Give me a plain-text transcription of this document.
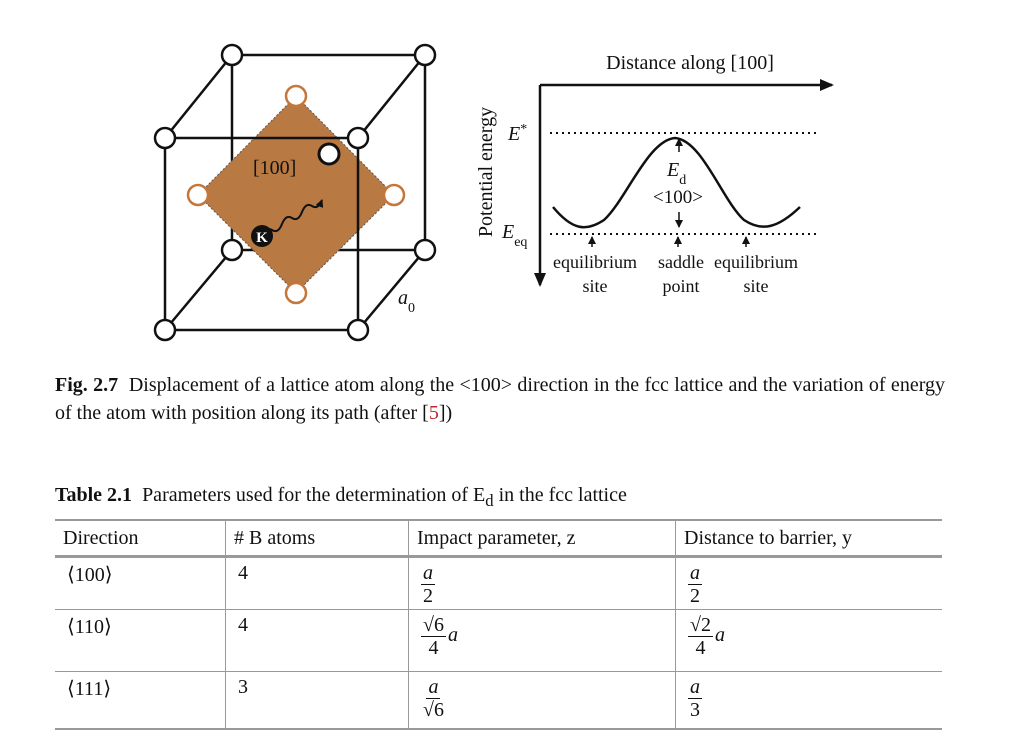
K
[100]
$a_0$
Distance along [100]
Potential energy E*
$E_{eq}$
$E_d$
<100>
equilibrium
site
saddle
point
equilibrium
site
Fig. 2.7 Displacement of a lattice atom along the <100> direction in the fcc lattice and the variation of energy of the atom with position along its path (after [5])
Table 2.1 Parameters used for the determination of $E_d$ in the fcc lattice
Direction	# B atoms	Impact parameter, z	Distance to barrier, y
⟨100⟩	4	$\frac{a}{2}$	$\frac{a}{2}$

⟨110⟩	4	$\frac{√6}{4}$ a	$\frac{√2}{4}$ a
⟨111⟩	3	$\frac{a}{√6}$	$\frac{a}{3}$
